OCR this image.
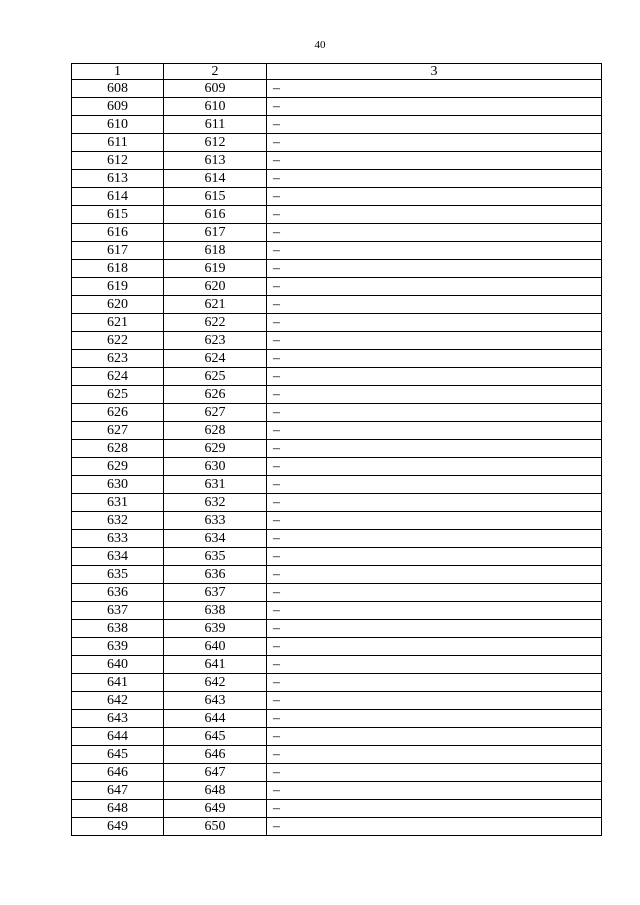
40
1	2	3
608	609	–
609	610	–
610	611	–
611	612	–
612	613	–
613	614	–
614	615	–
615	616	–
616	617	–
617	618	–
618	619	–
619	620	–
620	621	–
621	622	–
622	623	–
623	624	–
624	625	–
625	626	–
626	627	–
627	628	–
628	629	–
629	630	–
630	631	–
631	632	–
632	633	–
633	634	–
634	635	–
635	636	–
636	637	–
637	638	–
638	639	–
639	640	–
640	641	–
641	642	–
642	643	–
643	644	–
644	645	–
645	646	–
646	647	–
647	648	–
648	649	–
649	650	–
